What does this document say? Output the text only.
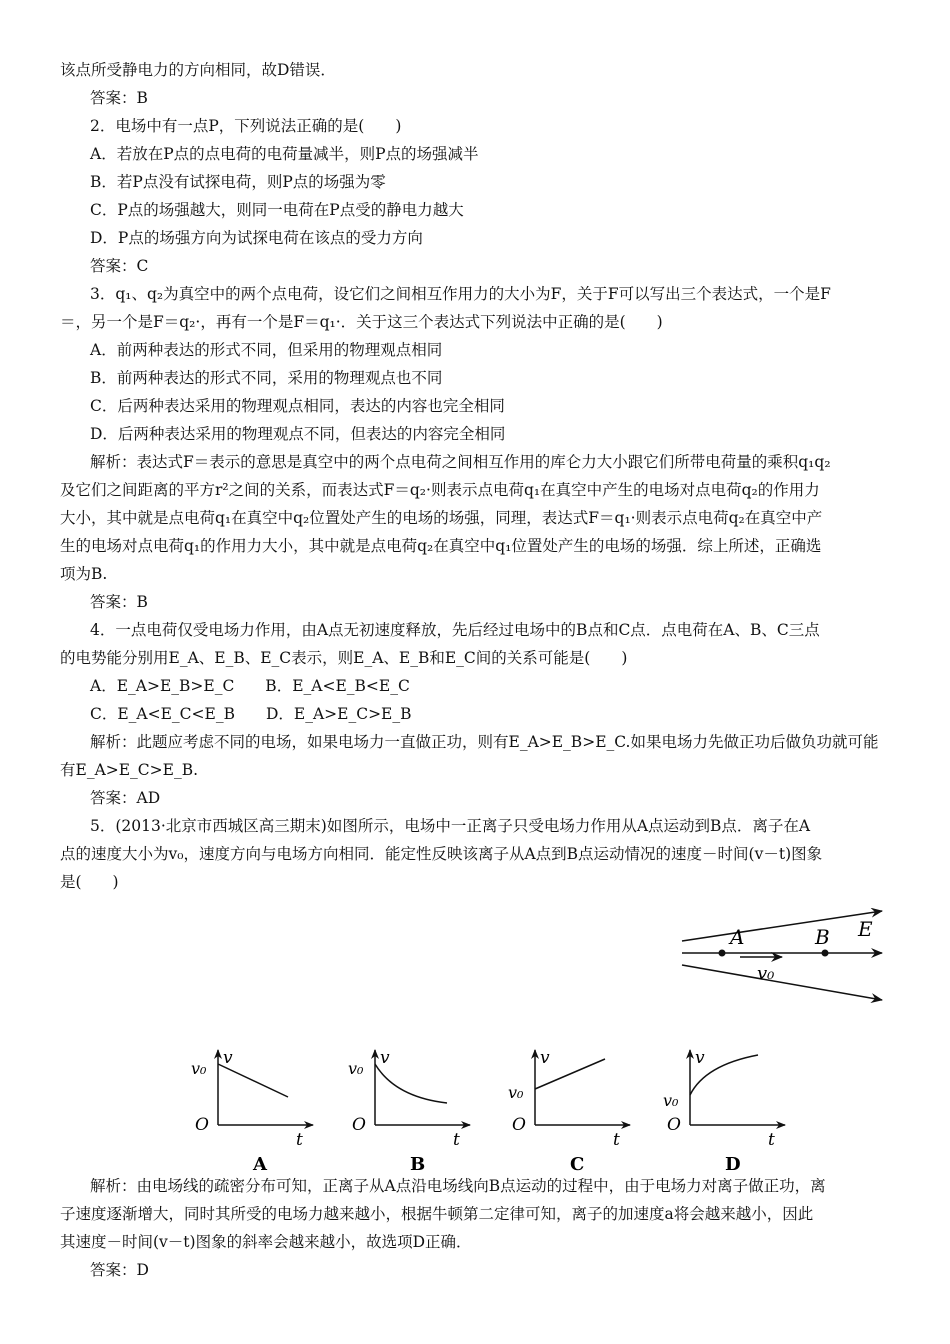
该点所受静电力的方向相同，故D错误．
答案：B
2．电场中有一点P，下列说法正确的是(　　)
A．若放在P点的点电荷的电荷量减半，则P点的场强减半
B．若P点没有试探电荷，则P点的场强为零
C．P点的场强越大，则同一电荷在P点受的静电力越大
D．P点的场强方向为试探电荷在该点的受力方向
答案：C
3．q₁、q₂为真空中的两个点电荷，设它们之间相互作用力的大小为F，关于F可以写出三个表达式，一个是F
＝，另一个是F＝q₂·，再有一个是F＝q₁·．关于这三个表达式下列说法中正确的是(　　)
A．前两种表达的形式不同，但采用的物理观点相同
B．前两种表达的形式不同，采用的物理观点也不同
C．后两种表达采用的物理观点相同，表达的内容也完全相同
D．后两种表达采用的物理观点不同，但表达的内容完全相同
解析：表达式F＝表示的意思是真空中的两个点电荷之间相互作用的库仑力大小跟它们所带电荷量的乘积q₁q₂
及它们之间距离的平方r²之间的关系，而表达式F＝q₂·则表示点电荷q₁在真空中产生的电场对点电荷q₂的作用力
大小，其中就是点电荷q₁在真空中q₂位置处产生的电场的场强，同理，表达式F＝q₁·则表示点电荷q₂在真空中产
生的电场对点电荷q₁的作用力大小，其中就是点电荷q₂在真空中q₁位置处产生的电场的场强．综上所述，正确选
项为B.
答案：B
4．一点电荷仅受电场力作用，由A点无初速度释放，先后经过电场中的B点和C点．点电荷在A、B、C三点
的电势能分别用E_A、E_B、E_C表示，则E_A、E_B和E_C间的关系可能是(　　)
A．E_A>E_B>E_C　　B．E_A<E_B<E_C
C．E_A<E_C<E_B　　D．E_A>E_C>E_B
解析：此题应考虑不同的电场，如果电场力一直做正功，则有E_A>E_B>E_C.如果电场力先做正功后做负功就可能
有E_A>E_C>E_B.
答案：AD
5．(2013·北京市西城区高三期末)如图所示，电场中一正离子只受电场力作用从A点运动到B点．离子在A
点的速度大小为v₀，速度方向与电场方向相同．能定性反映该离子从A点到B点运动情况的速度－时间(v－t)图象
是(　　)
A	B E
v₀
v
v₀
O
t
A
v
v₀
O
t
B
v
v₀
O
t
C
v
v₀
O
t
D
解析：由电场线的疏密分布可知，正离子从A点沿电场线向B点运动的过程中，由于电场力对离子做正功，离
子速度逐渐增大，同时其所受的电场力越来越小，根据牛顿第二定律可知，离子的加速度a将会越来越小，因此
其速度－时间(v－t)图象的斜率会越来越小，故选项D正确．
答案：D
